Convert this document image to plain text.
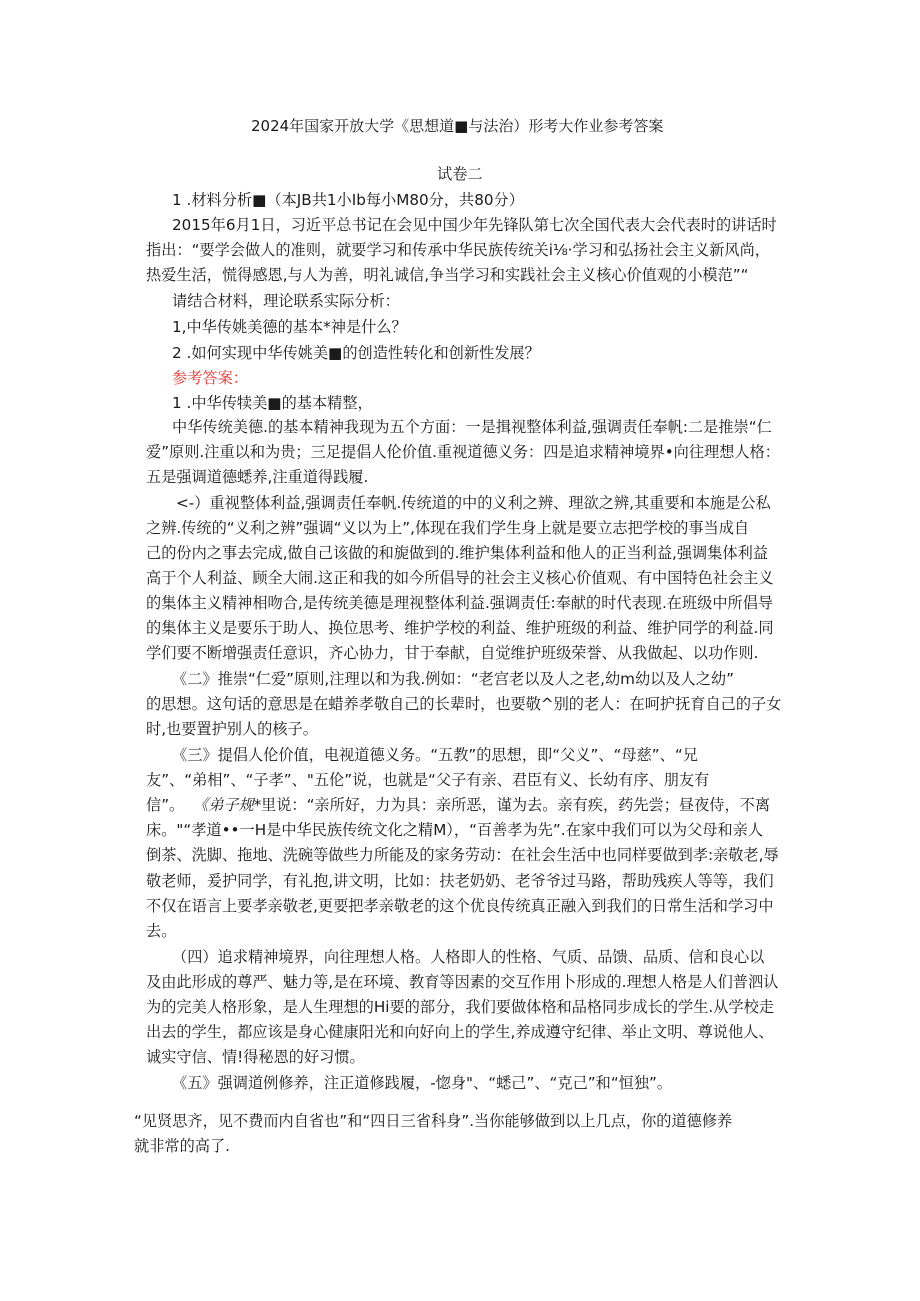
2024年国家开放大学《思想道■与法治）形考大作业参考答案
试卷二
1 .材料分析■（本JB共1小Ib每小M80分，共80分）
2015年6月1日，习近平总书记在会见中国少年先锋队第七次全国代表大会代表时的讲话时
指出：“要学会做人的准则，就要学习和传承中华民族传统关i⅛·学习和弘扬社会主义新风尚，
热爱生活，慌得感恩,与人为善，明礼诚信,争当学习和实践社会主义核心价值观的小模范”“
请结合材料，理论联系实际分析：
1,中华传姚美德的基本*神是什么？
2 .如何实现中华传姚美■的创造性转化和创新性发展？
参考答案：
1 .中华传犊美■的基本精整，
中华传统美德.的基本精神我现为五个方面：一是揖视整体利益,强调责任奉帆:二是推崇“仁
爱”原则.注重以和为贵；三足提倡人伦价值.重视道德义务：四是追求精神境界•向往理想人格：
五是强调道德蟋养,注重道得践履.
<-）重视整体利益,强调责任奉帆.传统道的中的义利之辨、理欲之辨,其重要和本施是公私
之辨.传统的“义利之辨”强调“义以为上”,体现在我们学生身上就是要立志把学校的事当成自
己的份内之事去完成,做自己该做的和旎做到的.维护集体利益和他人的正当利益,强调集体利益
高于个人利益、顾全大闹.这正和我的如今所倡导的社会主义核心价值观、有中国特色社会主义
的集体主义精神相吻合,是传统美德是理视整体利益.强调责任:奉献的时代表现.在班级中所倡导
的集体主义是要乐于助人、换位思考、维护学校的利益、维护班级的利益、维护同学的利益.同
学们要不断增强责任意识，齐心协力，甘于奉献，自觉维护班级荣誉、从我做起、以功作则.
《二》推崇“仁爱”原则,注理以和为我.例如：“老宫老以及人之老,幼m幼以及人之幼”
的思想。这句话的意思是在蜡养孝敬自己的长辈时，也要敬^别的老人：在呵护抚育自己的子女
时,也要置护别人的核子。
《三》提倡人伦价值，电视道德义务。“五教”的思想，即“父义”、“母慈”、“兄
友”、“弟相”、“子孝”、"五伦”说，也就是“父子有亲、君臣有义、长幼有序、朋友有
信”。 《弟子规* 里说：“亲所好，力为具：亲所恶，谨为去。亲有疾，药先尝；昼夜侍，不离
床。"“孝道••一H是中华民族传统文化之精M），“百善孝为先”.在家中我们可以为父母和亲人
倒茶、洗脚、拖地、洗碗等做些力所能及的家务劳动：在社会生活中也同样要做到孝:亲敬老,辱
敬老师，爰护同学，有礼抱,讲文明，比如：扶老奶奶、老爷爷过马路，帮助残疾人等等，我们
不仅在语言上要孝亲敬老,更要把孝亲敬老的这个优良传统真正融入到我们的日常生活和学习中
去。
（四）追求精神境界，向往理想人格。人格即人的性格、气质、品馈、品质、信和良心以
及由此形成的尊严、魅力等,是在环境、教育等因素的交互作用卜形成的.理想人格是人们普泗认
为的完美人格形象，是人生理想的Hi要的部分，我们要做体格和品格同步成长的学生.从学校走
出去的学生，都应该是身心健康阳光和向好向上的学生,养成遵守纪律、举止文明、尊说他人、
诚实守信、情!得秘恩的好习惯。
《五》强调道例修养，注正道修践履，-惚身"、“蟋己”、“克己”和“恒独”。
“见贤思齐，见不费而内自省也”和“四日三省科身”.当你能够做到以上几点，你的道德修养
就非常的高了.
